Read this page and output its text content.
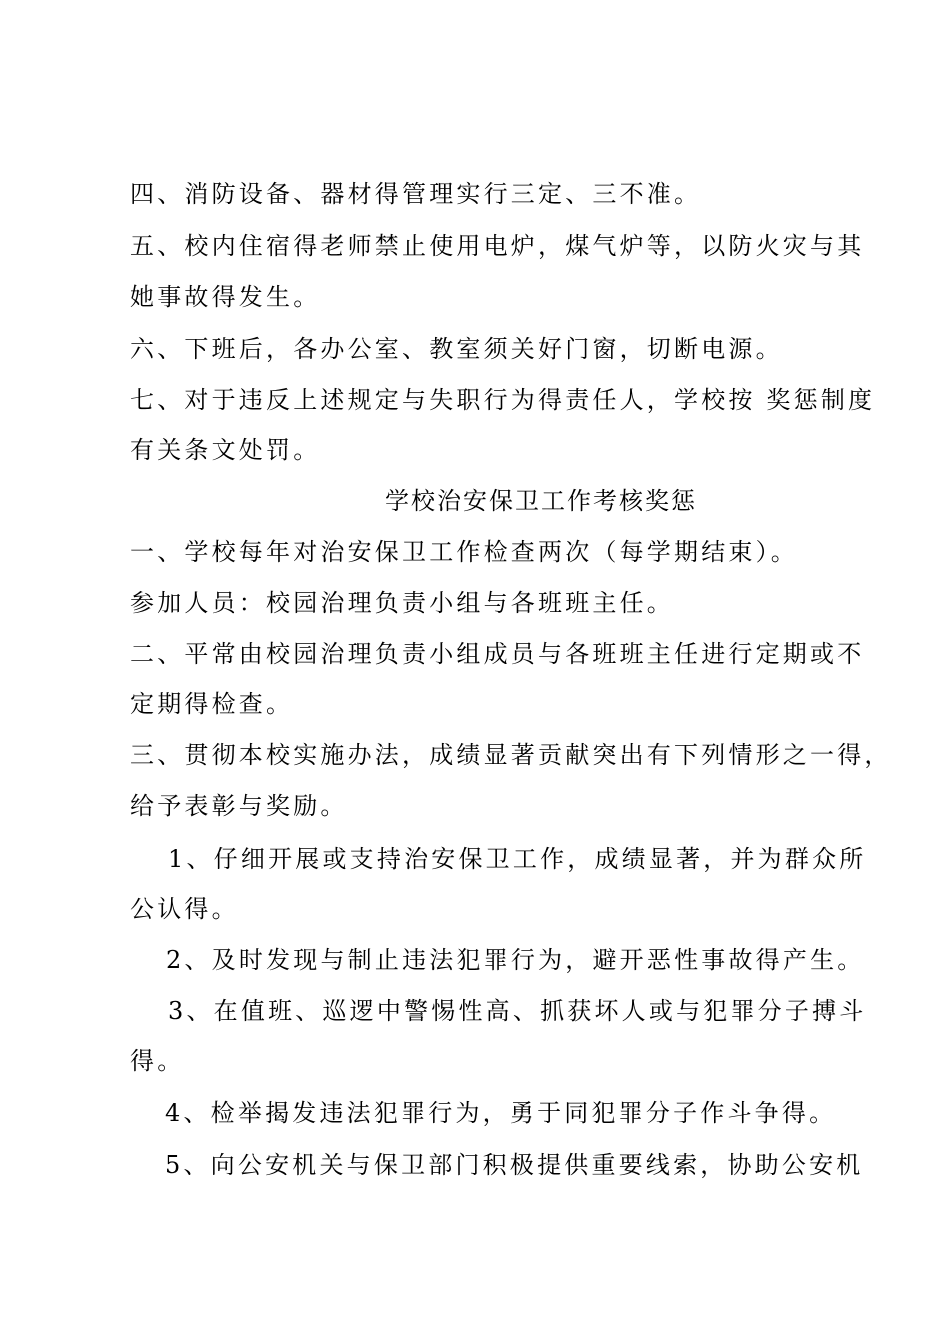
四、消防设备、器材得管理实行三定、三不准。
五、校内住宿得老师禁止使用电炉，煤气炉等，以防火灾与其
她事故得发生。
六、下班后，各办公室、教室须关好门窗，切断电源。
七、对于违反上述规定与失职行为得责任人，学校按 奖惩制度
有关条文处罚。
学校治安保卫工作考核奖惩
一、学校每年对治安保卫工作检查两次（每学期结束）。
参加人员：校园治理负责小组与各班班主任。
二、平常由校园治理负责小组成员与各班班主任进行定期或不
定期得检查。
三、贯彻本校实施办法，成绩显著贡献突出有下列情形之一得，
给予表彰与奖励。
1、仔细开展或支持治安保卫工作，成绩显著，并为群众所
公认得。
2、及时发现与制止违法犯罪行为，避开恶性事故得产生。
3、在值班、巡逻中警惕性高、抓获坏人或与犯罪分子搏斗
得。
4、检举揭发违法犯罪行为，勇于同犯罪分子作斗争得。
5、向公安机关与保卫部门积极提供重要线索，协助公安机
